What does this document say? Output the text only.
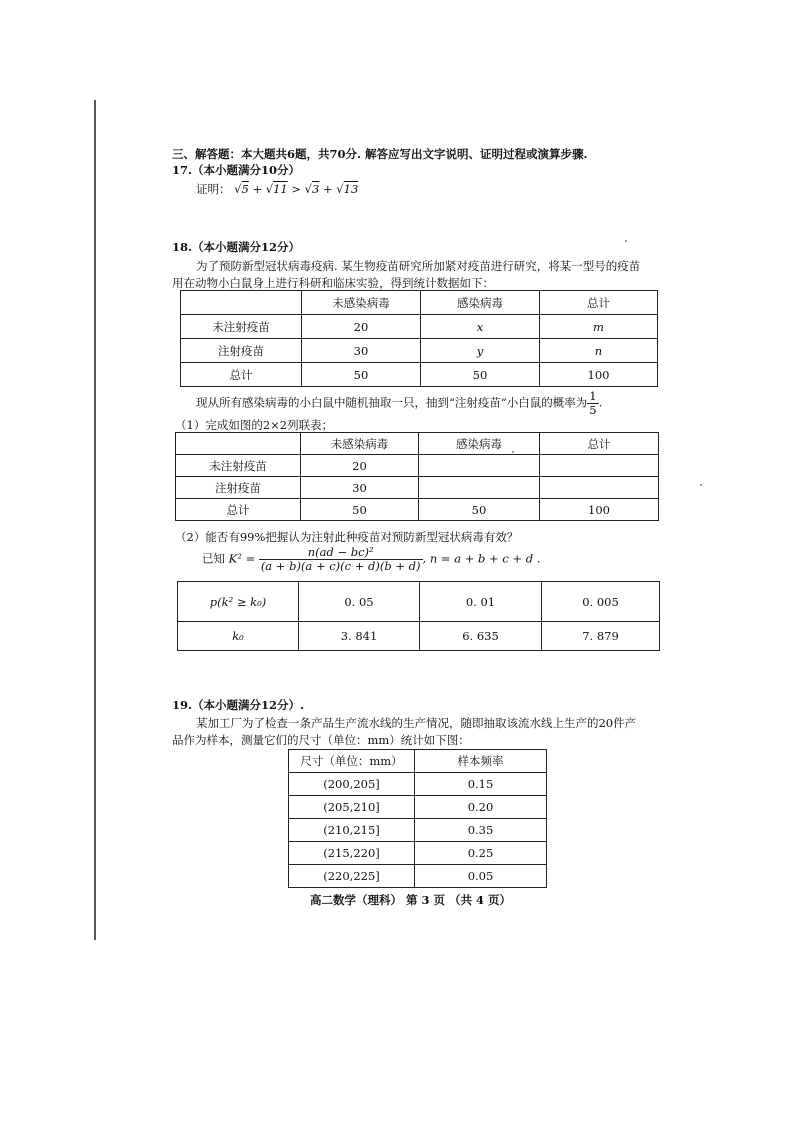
三、解答题：本大题共6题，共70分. 解答应写出文字说明、证明过程或演算步骤.
17.（本小题满分10分）
证明： √5 + √11 > √3 + √13
18.（本小题满分12分）
为了预防新型冠状病毒疫病. 某生物疫苗研究所加紧对疫苗进行研究，将某一型号的疫苗
用在动物小白鼠身上进行科研和临床实验，得到统计数据如下：
	未感染病毒	感染病毒	总计
未注射疫苗	20	x	m
注射疫苗	30	y	n
总计	50	50	100
现从所有感染病毒的小白鼠中随机抽取一只，抽到“注射疫苗”小白鼠的概率为 $\frac{1}{5}$ .
（1）完成如图的2×2列联表；
	未感染病毒	感染病毒	总计
未注射疫苗	20		
注射疫苗	30		
总计	50	50	100
（2）能否有99%把握认为注射此种疫苗对预防新型冠状病毒有效？
已知 $K^2 = \frac{\text{n(ad − bc)²}}{(a + b)(a + c)(c + d)(b + d)}$ , n = a + b + c + d .
p(k² ≥ k₀)	0. 05	0. 01	0. 005
k₀	3. 841	6. 635	7. 879
19.（本小题满分12分）.
某加工厂为了检查一条产品生产流水线的生产情况，随即抽取该流水线上生产的20件产
品作为样本，测量它们的尺寸（单位：mm）统计如下图：
尺寸（单位：mm）	样本频率
(200,205]	0.15
(205,210]	0.20
(210,215]	0.35
(215,220]	0.25
(220,225]	0.05
高二数学（理科） 第 3 页 （共 4 页）
